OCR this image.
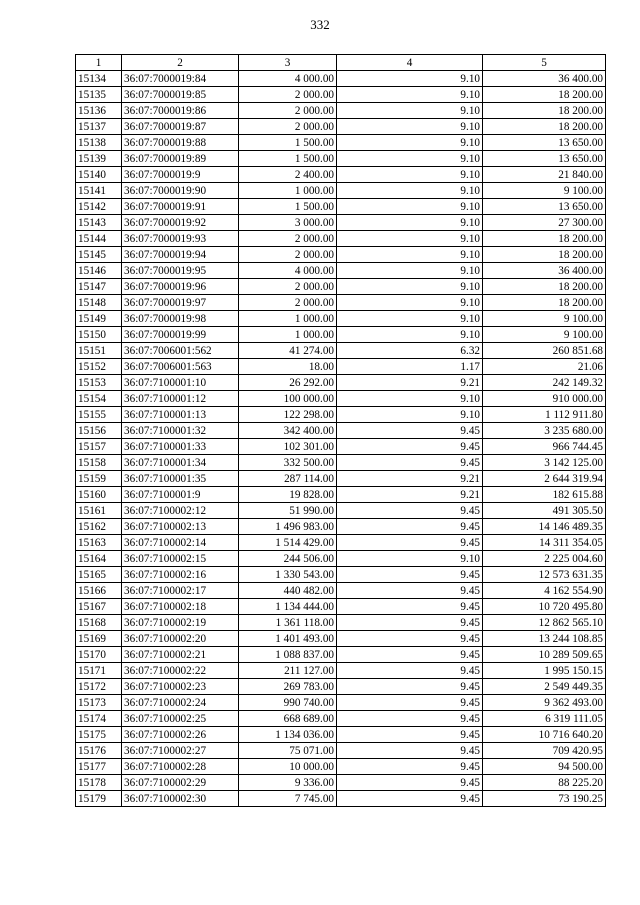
332
1	2	3	4	5
15134	36:07:7000019:84	4 000.00	9.10	36 400.00
15135	36:07:7000019:85	2 000.00	9.10	18 200.00
15136	36:07:7000019:86	2 000.00	9.10	18 200.00
15137	36:07:7000019:87	2 000.00	9.10	18 200.00
15138	36:07:7000019:88	1 500.00	9.10	13 650.00
15139	36:07:7000019:89	1 500.00	9.10	13 650.00
15140	36:07:7000019:9	2 400.00	9.10	21 840.00
15141	36:07:7000019:90	1 000.00	9.10	9 100.00
15142	36:07:7000019:91	1 500.00	9.10	13 650.00
15143	36:07:7000019:92	3 000.00	9.10	27 300.00
15144	36:07:7000019:93	2 000.00	9.10	18 200.00
15145	36:07:7000019:94	2 000.00	9.10	18 200.00
15146	36:07:7000019:95	4 000.00	9.10	36 400.00
15147	36:07:7000019:96	2 000.00	9.10	18 200.00
15148	36:07:7000019:97	2 000.00	9.10	18 200.00
15149	36:07:7000019:98	1 000.00	9.10	9 100.00
15150	36:07:7000019:99	1 000.00	9.10	9 100.00
15151	36:07:7006001:562	41 274.00	6.32	260 851.68
15152	36:07:7006001:563	18.00	1.17	21.06
15153	36:07:7100001:10	26 292.00	9.21	242 149.32
15154	36:07:7100001:12	100 000.00	9.10	910 000.00
15155	36:07:7100001:13	122 298.00	9.10	1 112 911.80
15156	36:07:7100001:32	342 400.00	9.45	3 235 680.00
15157	36:07:7100001:33	102 301.00	9.45	966 744.45
15158	36:07:7100001:34	332 500.00	9.45	3 142 125.00
15159	36:07:7100001:35	287 114.00	9.21	2 644 319.94
15160	36:07:7100001:9	19 828.00	9.21	182 615.88
15161	36:07:7100002:12	51 990.00	9.45	491 305.50
15162	36:07:7100002:13	1 496 983.00	9.45	14 146 489.35
15163	36:07:7100002:14	1 514 429.00	9.45	14 311 354.05
15164	36:07:7100002:15	244 506.00	9.10	2 225 004.60
15165	36:07:7100002:16	1 330 543.00	9.45	12 573 631.35
15166	36:07:7100002:17	440 482.00	9.45	4 162 554.90
15167	36:07:7100002:18	1 134 444.00	9.45	10 720 495.80
15168	36:07:7100002:19	1 361 118.00	9.45	12 862 565.10
15169	36:07:7100002:20	1 401 493.00	9.45	13 244 108.85
15170	36:07:7100002:21	1 088 837.00	9.45	10 289 509.65
15171	36:07:7100002:22	211 127.00	9.45	1 995 150.15
15172	36:07:7100002:23	269 783.00	9.45	2 549 449.35
15173	36:07:7100002:24	990 740.00	9.45	9 362 493.00
15174	36:07:7100002:25	668 689.00	9.45	6 319 111.05
15175	36:07:7100002:26	1 134 036.00	9.45	10 716 640.20
15176	36:07:7100002:27	75 071.00	9.45	709 420.95
15177	36:07:7100002:28	10 000.00	9.45	94 500.00
15178	36:07:7100002:29	9 336.00	9.45	88 225.20
15179	36:07:7100002:30	7 745.00	9.45	73 190.25
